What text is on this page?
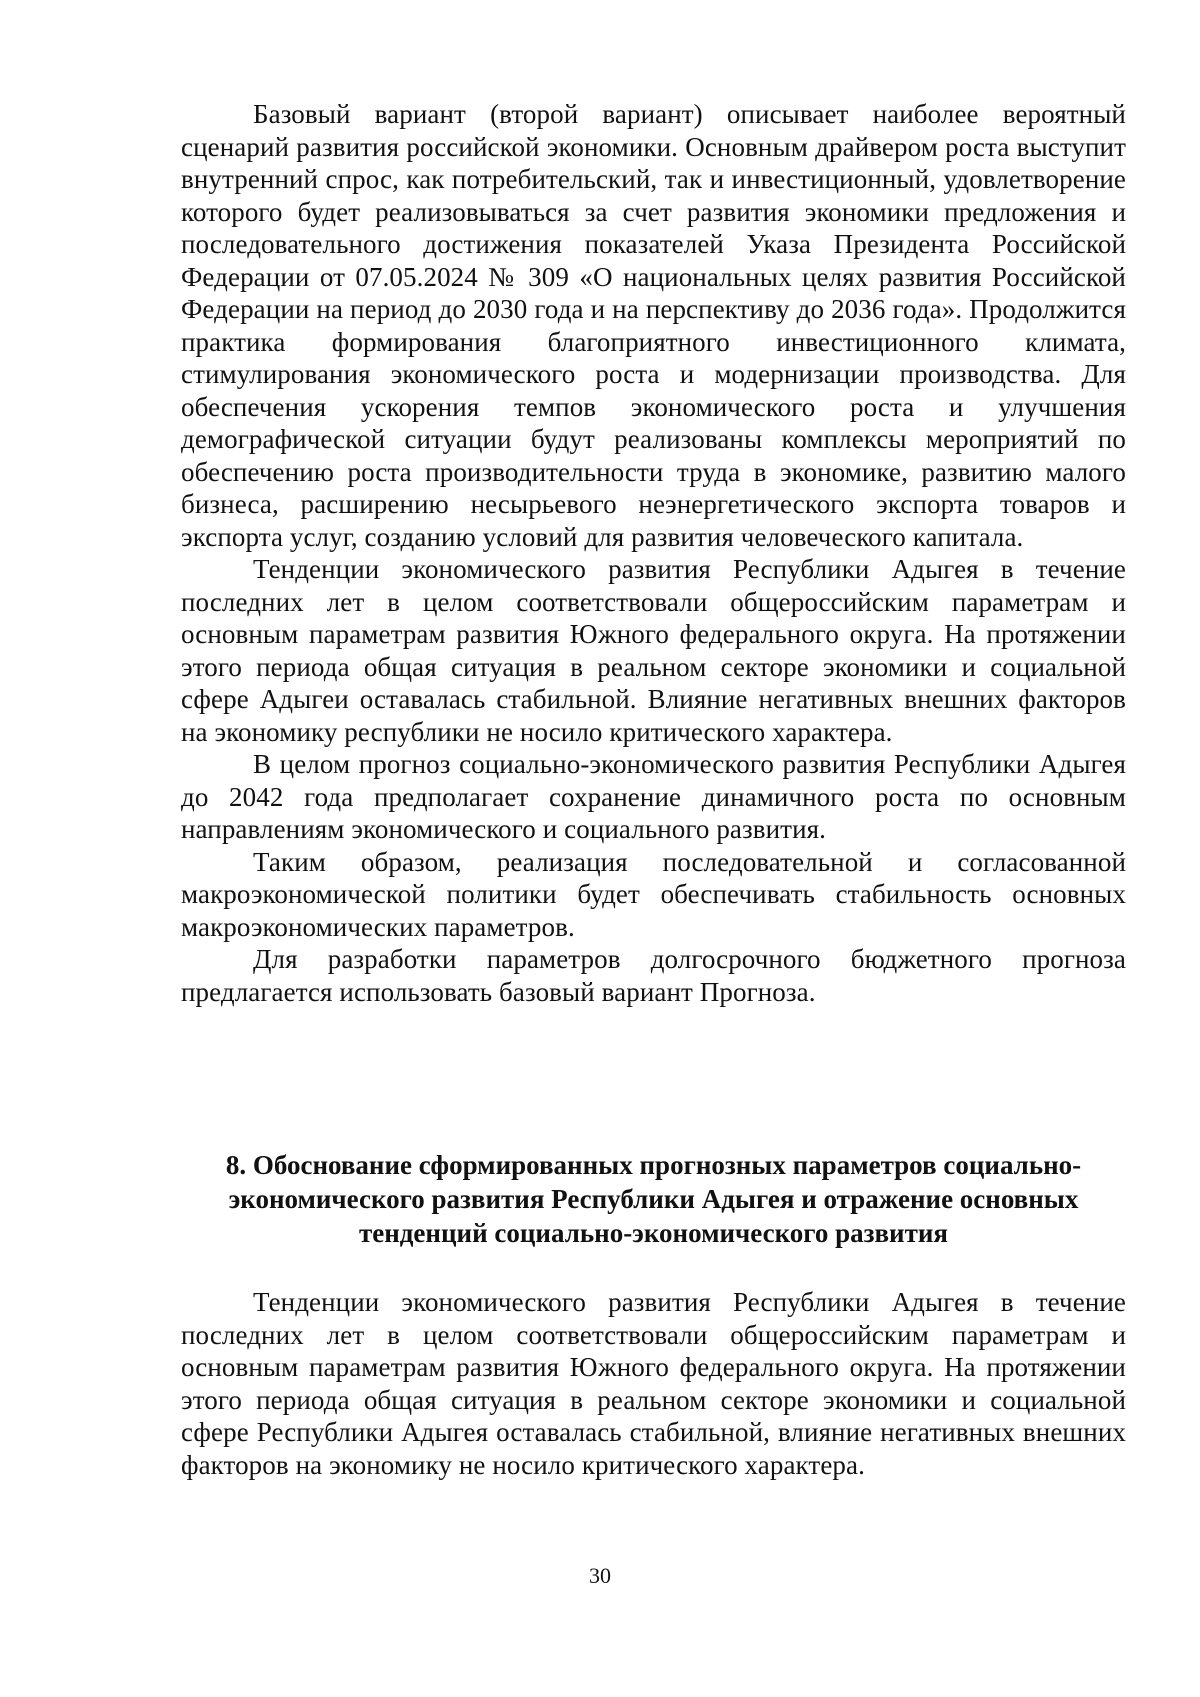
Базовый вариант (второй вариант) описывает наиболее вероятный сценарий развития российской экономики. Основным драйвером роста выступит внутренний спрос, как потребительский, так и инвестиционный, удовлетворение которого будет реализовываться за счет развития экономики предложения и последовательного достижения показателей Указа Президента Российской Федерации от 07.05.2024 № 309 «О национальных целях развития Российской Федерации на период до 2030 года и на перспективу до 2036 года». Продолжится практика формирования благоприятного инвестиционного климата, стимулирования экономического роста и модернизации производства. Для обеспечения ускорения темпов экономического роста и улучшения демографической ситуации будут реализованы комплексы мероприятий по обеспечению роста производительности труда в экономике, развитию малого бизнеса, расширению несырьевого неэнергетического экспорта товаров и экспорта услуг, созданию условий для развития человеческого капитала.

Тенденции экономического развития Республики Адыгея в течение последних лет в целом соответствовали общероссийским параметрам и основным параметрам развития Южного федерального округа. На протяжении этого периода общая ситуация в реальном секторе экономики и социальной сфере Адыгеи оставалась стабильной. Влияние негативных внешних факторов на экономику республики не носило критического характера.

В целом прогноз социально-экономического развития Республики Адыгея до 2042 года предполагает сохранение динамичного роста по основным направлениям экономического и социального развития.

Таким образом, реализация последовательной и согласованной макроэкономической политики будет обеспечивать стабильность основных макроэкономических параметров.

Для разработки параметров долгосрочного бюджетного прогноза предлагается использовать базовый вариант Прогноза.

8. Обоснование сформированных прогнозных параметров социально-экономического развития Республики Адыгея и отражение основных тенденций социально-экономического развития

Тенденции экономического развития Республики Адыгея в течение последних лет в целом соответствовали общероссийским параметрам и основным параметрам развития Южного федерального округа. На протяжении этого периода общая ситуация в реальном секторе экономики и социальной сфере Республики Адыгея оставалась стабильной, влияние негативных внешних факторов на экономику не носило критического характера.

30
